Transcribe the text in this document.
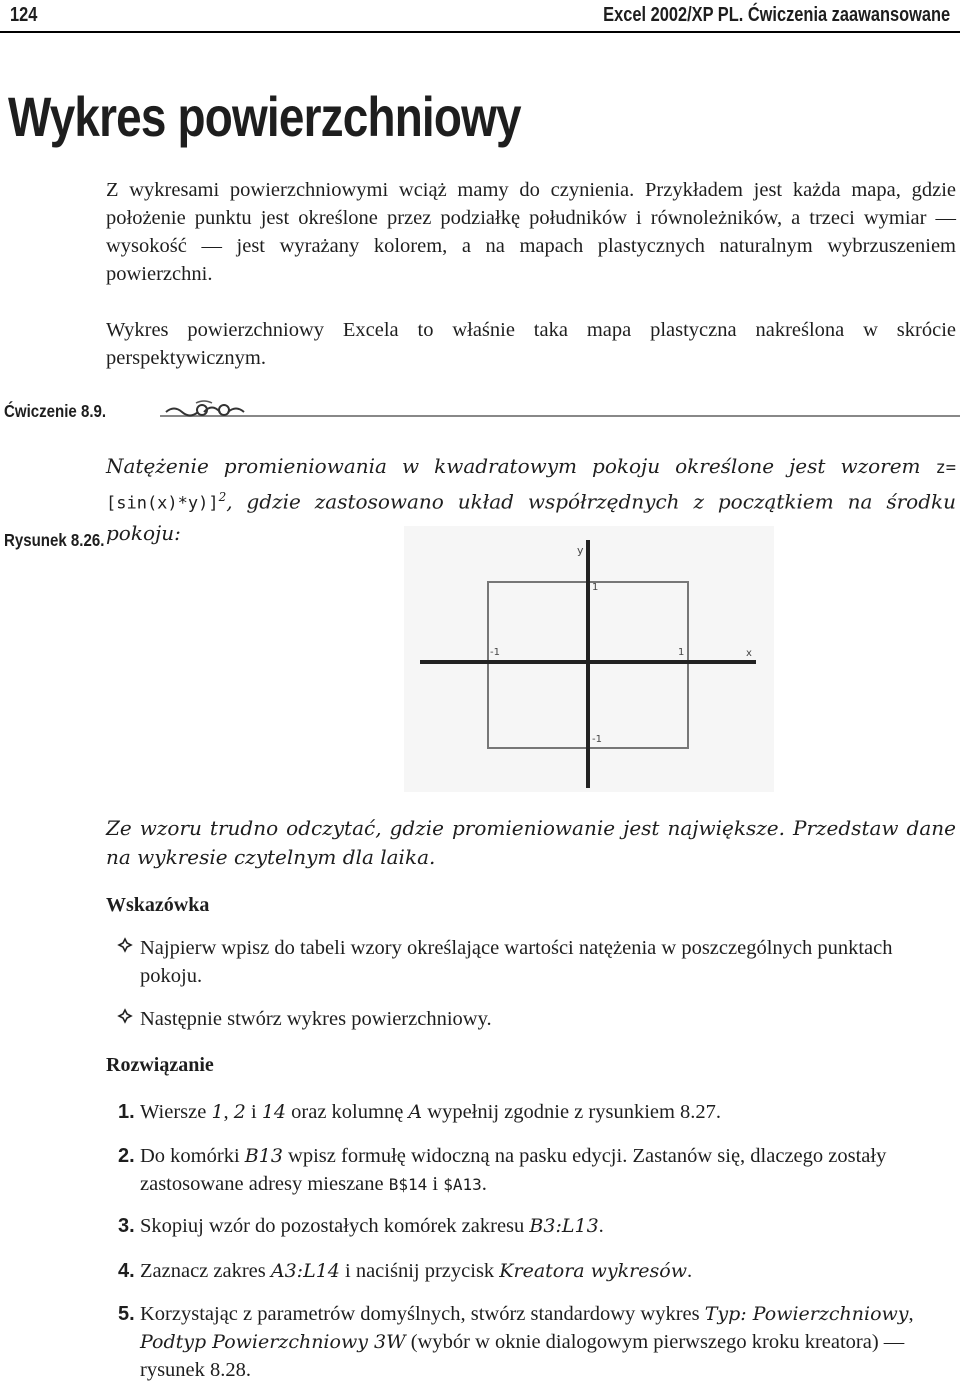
124	Excel 2002/XP PL. Ćwiczenia zaawansowane
Wykres powierzchniowy
Z wykresami powierzchniowymi wciąż mamy do czynienia. Przykładem jest każda mapa, gdzie położenie punktu jest określone przez podziałkę południków i równoleżników, a trzeci wymiar — wysokość — jest wyrażany kolorem, a na mapach plastycznych naturalnym wybrzuszeniem powierzchni.
Wykres powierzchniowy Excela to właśnie taka mapa plastyczna nakreślona w skrócie perspektywicznym.
Ćwiczenie 8.9.
Natężenie promieniowania w kwadratowym pokoju określone jest wzorem $z=[\sin(x)*y)]^2$, gdzie zastosowano układ współrzędnych z początkiem na środku pokoju:
Rysunek 8.26.
x
y
-1	1
1
-1
Ze wzoru trudno odczytać, gdzie promieniowanie jest największe. Przedstaw dane na wykresie czytelnym dla laika.
Wskazówka
Najpierw wpisz do tabeli wzory określające wartości natężenia w poszczególnych punktach pokoju.
Następnie stwórz wykres powierzchniowy.
Rozwiązanie
1. Wiersze 1, 2 i 14 oraz kolumnę A wypełnij zgodnie z rysunkiem 8.27.
2. Do komórki B13 wpisz formułę widoczną na pasku edycji. Zastanów się, dlaczego zostały zastosowane adresy mieszane B$14 i $A13.
3. Skopiuj wzór do pozostałych komórek zakresu B3:L13.
4. Zaznacz zakres A3:L14 i naciśnij przycisk Kreatora wykresów.
5. Korzystając z parametrów domyślnych, stwórz standardowy wykres Typ: Powierzchniowy, Podtyp Powierzchniowy 3W (wybór w oknie dialogowym pierwszego kroku kreatora) — rysunek 8.28.
